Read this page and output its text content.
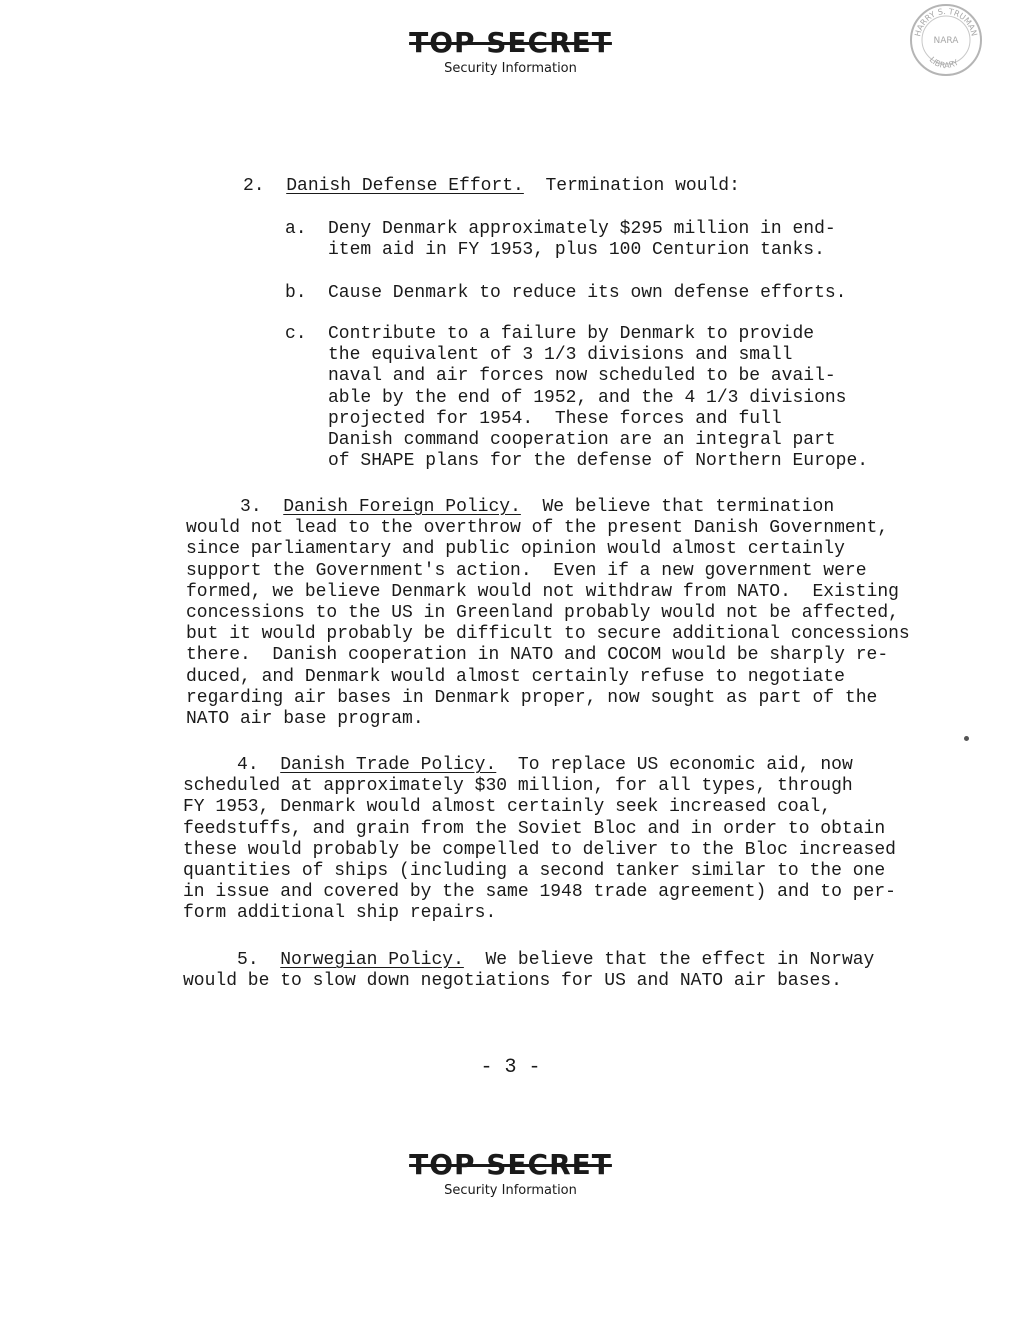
TOP SECRET
Security Information
HARRY S. TRUMAN
LIBRARY
NARA
2. Danish Defense Effort. Termination would:
a. Deny Denmark approximately $295 million in end-
item aid in FY 1953, plus 100 Centurion tanks.
b. Cause Denmark to reduce its own defense efforts.
c. Contribute to a failure by Denmark to provide
the equivalent of 3 1/3 divisions and small
naval and air forces now scheduled to be avail-
able by the end of 1952, and the 4 1/3 divisions
projected for 1954.  These forces and full
Danish command cooperation are an integral part
of SHAPE plans for the defense of Northern Europe.
3. Danish Foreign Policy. We believe that termination
would not lead to the overthrow of the present Danish Government,
since parliamentary and public opinion would almost certainly
support the Government's action.  Even if a new government were
formed, we believe Denmark would not withdraw from NATO.  Existing
concessions to the US in Greenland probably would not be affected,
but it would probably be difficult to secure additional concessions
there.  Danish cooperation in NATO and COCOM would be sharply re-
duced, and Denmark would almost certainly refuse to negotiate
regarding air bases in Denmark proper, now sought as part of the
NATO air base program.
4. Danish Trade Policy. To replace US economic aid, now
scheduled at approximately $30 million, for all types, through
FY 1953, Denmark would almost certainly seek increased coal,
feedstuffs, and grain from the Soviet Bloc and in order to obtain
these would probably be compelled to deliver to the Bloc increased
quantities of ships (including a second tanker similar to the one
in issue and covered by the same 1948 trade agreement) and to per-
form additional ship repairs.
5. Norwegian Policy. We believe that the effect in Norway
would be to slow down negotiations for US and NATO air bases.
- 3 -
TOP SECRET
Security Information
